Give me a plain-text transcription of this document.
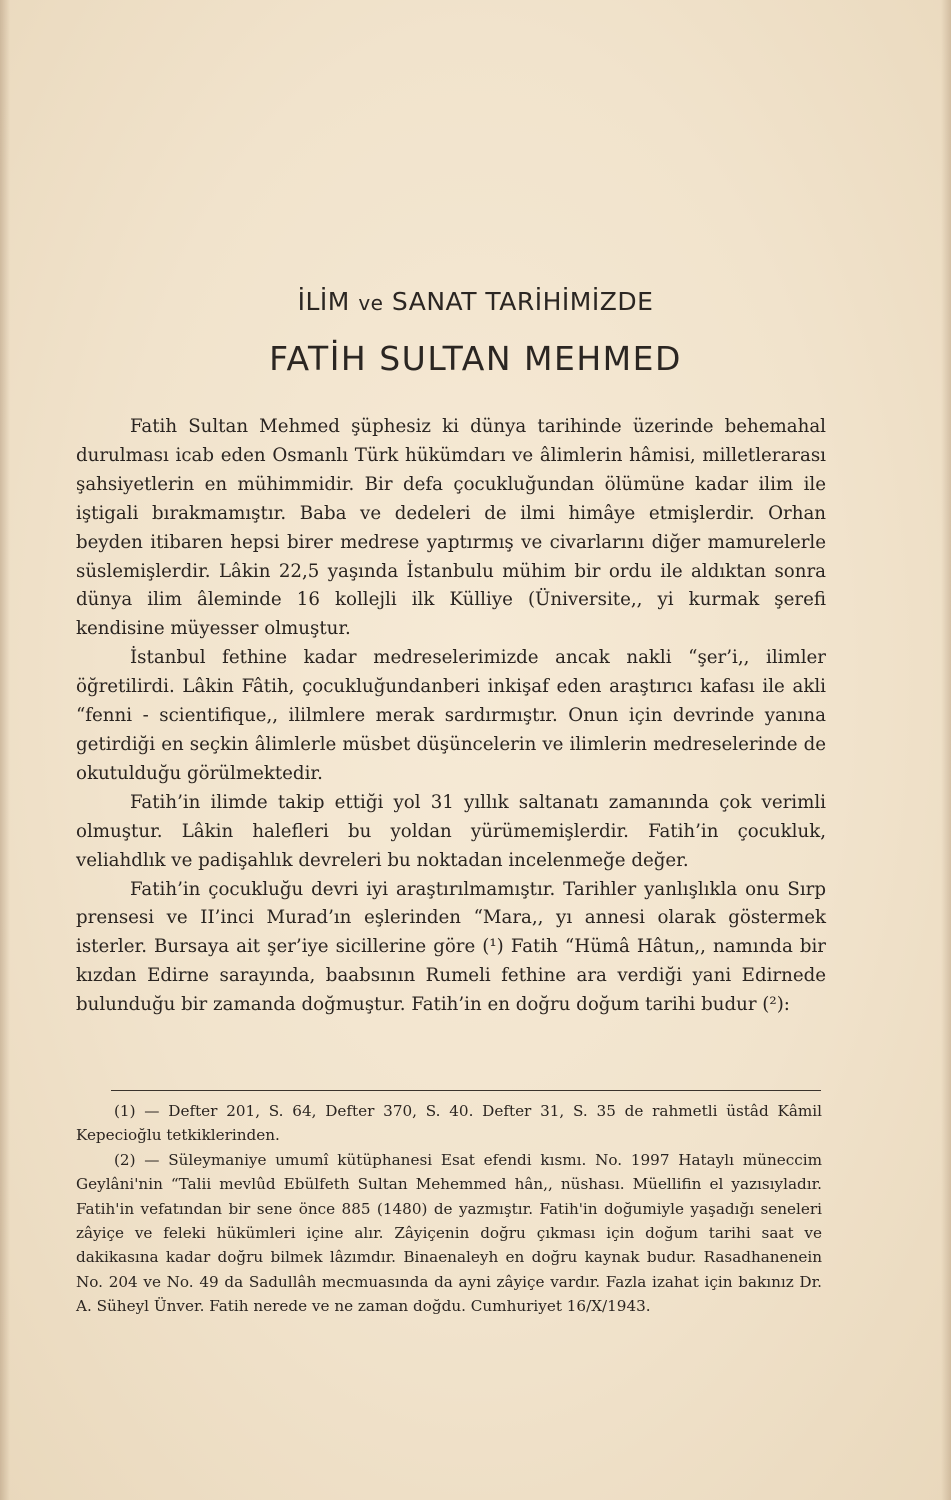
İLİM ve SANAT TARİHİMİZDE
FATİH SULTAN MEHMED

Fatih Sultan Mehmed şüphesiz ki dünya tarihinde üzerinde behemahal durulması icab eden Osmanlı Türk hükümdarı ve âlimlerin hâmisi, milletlerarası şahsiyetlerin en mühimmidir. Bir defa çocukluğundan ölümüne kadar ilim ile iştigali bırakmamıştır. Baba ve dedeleri de ilmi himâye etmişlerdir. Orhan beyden itibaren hepsi birer medrese yaptırmış ve civarlarını diğer mamurelerle süslemişlerdir. Lâkin 22,5 yaşında İstanbulu mühim bir ordu ile aldıktan sonra dünya ilim âleminde 16 kollejli ilk Külliye (Üniversite,, yi kurmak şerefi kendisine müyesser olmuştur.

İstanbul fethine kadar medreselerimizde ancak nakli “şer’i,, ilimler öğretilirdi. Lâkin Fâtih, çocukluğundanberi inkişaf eden araştırıcı kafası ile akli “fenni - scientifique,, ililmlere merak sardırmıştır. Onun için devrinde yanına getirdiği en seçkin âlimlerle müsbet düşüncelerin ve ilimlerin medreselerinde de okutulduğu görülmektedir.

Fatih’in ilimde takip ettiği yol 31 yıllık saltanatı zamanında çok verimli olmuştur. Lâkin halefleri bu yoldan yürümemişlerdir. Fatih’in çocukluk, veliahdlık ve padişahlık devreleri bu noktadan incelenmeğe değer.

Fatih’in çocukluğu devri iyi araştırılmamıştır. Tarihler yanlışlıkla onu Sırp prensesi ve II’inci Murad’ın eşlerinden “Mara,, yı annesi olarak göstermek isterler. Bursaya ait şer’iye sicillerine göre (¹) Fatih “Hümâ Hâtun,, namında bir kızdan Edirne sarayında, baabsının Rumeli fethine ara verdiği yani Edirnede bulunduğu bir zamanda doğmuştur. Fatih’in en doğru doğum tarihi budur (²):

(1) — Defter 201, S. 64, Defter 370, S. 40. Defter 31, S. 35 de rahmetli üstâd Kâmil Kepecioğlu tetkiklerinden.

(2) — Süleymaniye umumî kütüphanesi Esat efendi kısmı. No. 1997 Hataylı müneccim Geylâni'nin “Talii mevlûd Ebülfeth Sultan Mehemmed hân,, nüshası. Müellifin el yazısıyladır. Fatih'in vefatından bir sene önce 885 (1480) de yazmıştır. Fatih'in doğumiyle yaşadığı seneleri zâyiçe ve feleki hükümleri içine alır. Zâyiçenin doğru çıkması için doğum tarihi saat ve dakikasına kadar doğru bilmek lâzımdır. Binaenaleyh en doğru kaynak budur. Rasadhanenein No. 204 ve No. 49 da Sadullâh mecmuasında da ayni zâyiçe vardır. Fazla izahat için bakınız Dr. A. Süheyl Ünver. Fatih nerede ve ne zaman doğdu. Cumhuriyet 16/X/1943.
